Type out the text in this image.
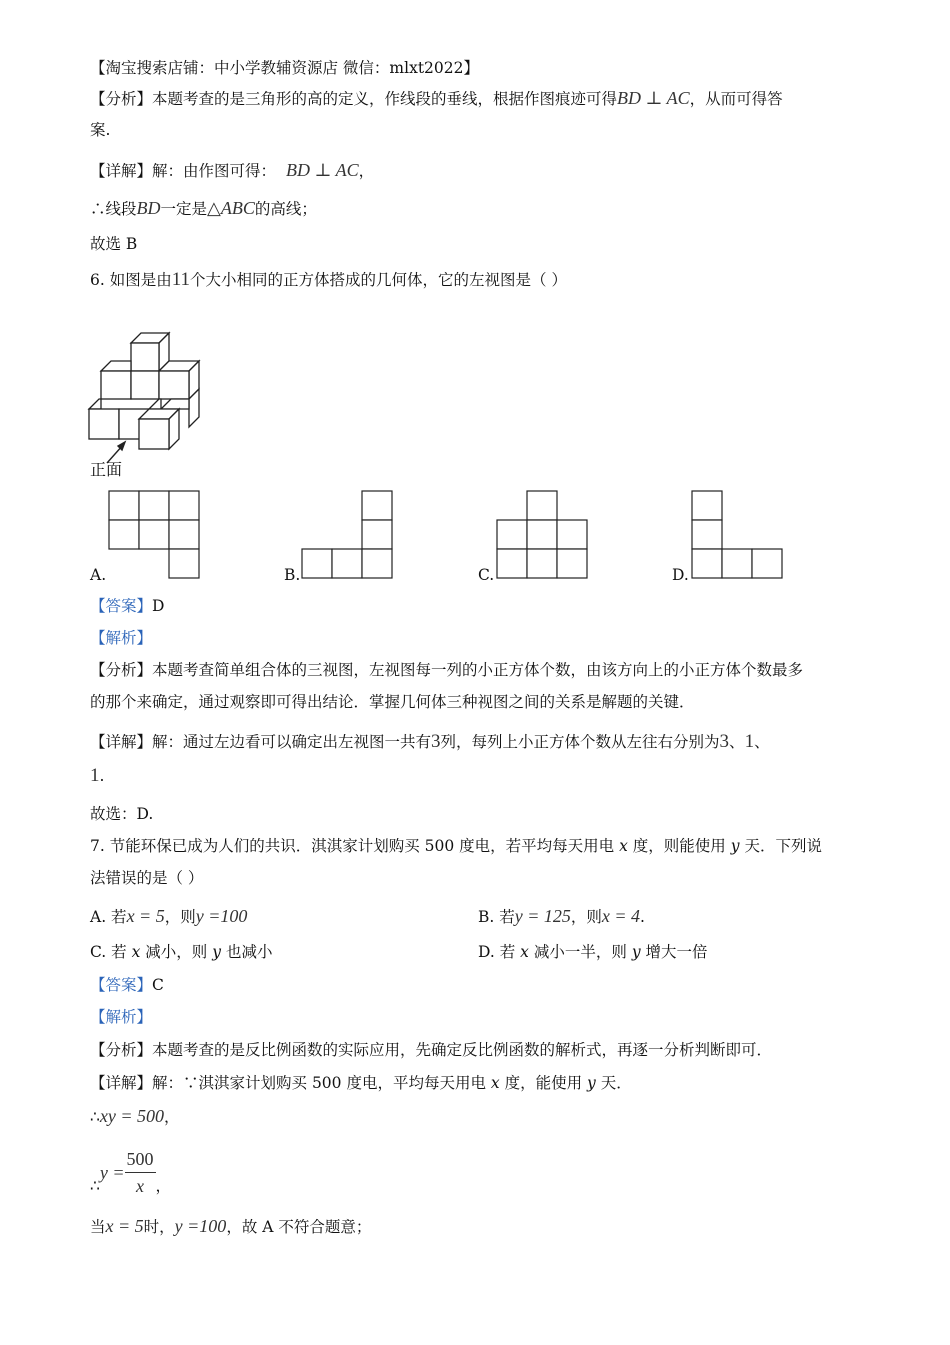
【淘宝搜索店铺：中小学教辅资源店 微信：mlxt2022】
【分析】本题考查的是三角形的高的定义，作线段的垂线，根据作图痕迹可得BD ⊥ AC，从而可得答
案.
【详解】解：由作图可得： BD ⊥ AC，
∴线段BD一定是△ABC的高线；
故选 B
6. 如图是由11个大小相同的正方体搭成的几何体，它的左视图是（ ）
正面
A.	B.	C.	D.
【答案】D
【解析】
【分析】本题考查简单组合体的三视图，左视图每一列的小正方体个数，由该方向上的小正方体个数最多
的那个来确定，通过观察即可得出结论．掌握几何体三种视图之间的关系是解题的关键．
【详解】解：通过左边看可以确定出左视图一共有3列，每列上小正方体个数从左往右分别为3、1、
1.
故选：D.
7. 节能环保已成为人们的共识．淇淇家计划购买 500 度电，若平均每天用电 x 度，则能使用 y 天．下列说
法错误的是（ ）
A. 若x = 5，则y =100	B. 若y = 125，则x = 4.
C. 若 x 减小，则 y 也减小	D. 若 x 减小一半，则 y 增大一倍
【答案】C
【解析】
【分析】本题考查的是反比例函数的实际应用，先确定反比例函数的解析式，再逐一分析判断即可．
【详解】解：∵淇淇家计划购买 500 度电，平均每天用电 x 度，能使用 y 天．
∴xy = 500，
∴y = $\frac{500}{x}$ ，
当x = 5时，y =100，故 A 不符合题意；
